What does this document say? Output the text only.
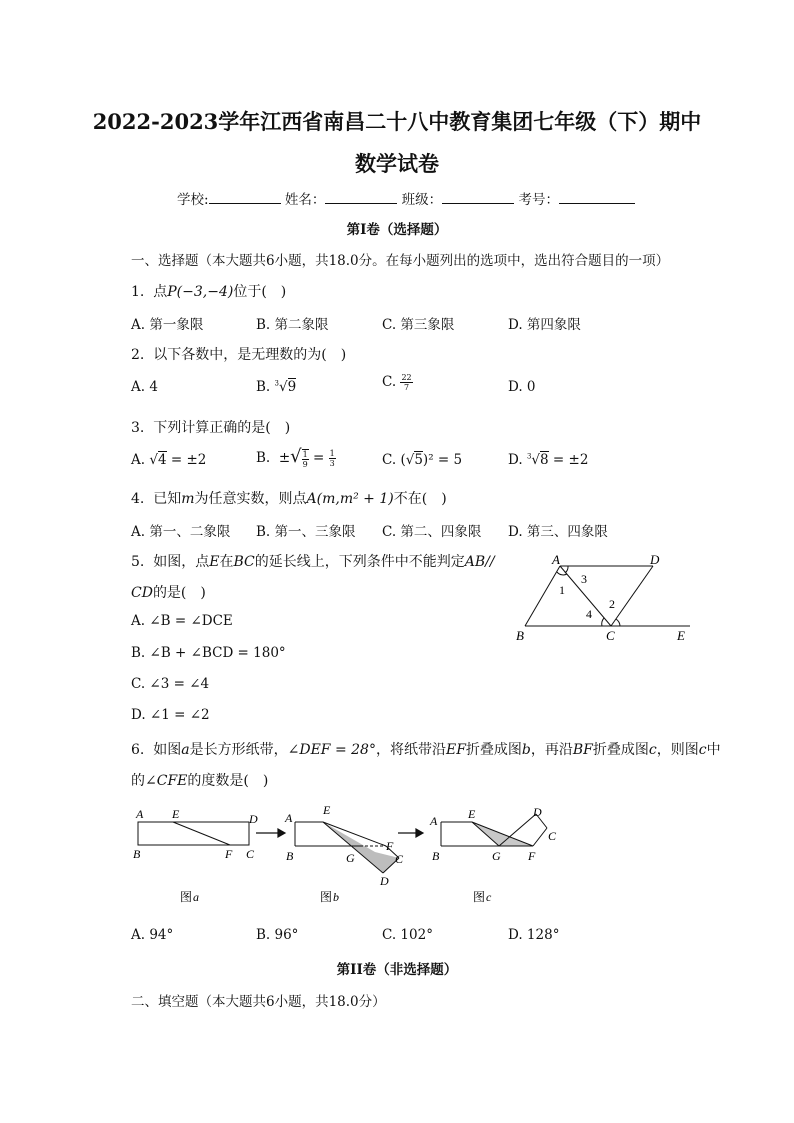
2022-2023学年江西省南昌二十八中教育集团七年级（下）期中
数学试卷
学校:	姓名：	班级：	考号：
第I卷（选择题）
一、选择题（本大题共6小题，共18.0分。在每小题列出的选项中，选出符合题目的一项）
1. 点P(−3,−4)位于(　)
A. 第一象限	B. 第二象限	C. 第三象限	D. 第四象限
2. 以下各数中，是无理数的为(　)
A. 4	B. $^3$√9	C. $\frac{22}{7}$	D. 0
3. 下列计算正确的是(　)
A. √4 = ±2	B. ±√ $\frac{1}{9} = \frac{1}{3}$	C. (√5)² = 5	D. $^3$√8 = ±2
4. 已知m为任意实数，则点A(m,m² + 1)不在(　)
A. 第一、二象限 B. 第一、三象限 C. 第二、四象限 D. 第三、四象限
5. 如图，点E在BC的延长线上，下列条件中不能判定AB//
CD的是(　)
A. ∠B = ∠DCE
B. ∠B + ∠BCD = 180°
C. ∠3 = ∠4
D. ∠1 = ∠2
A	D
B	C	E
1
3
4
2
6. 如图a是长方形纸带，∠DEF = 28°，将纸带沿EF折叠成图b，再沿BF折叠成图c，则图c中
的∠CFE的度数是(　)
A E	D
B	F C
图 a
A
E
F
B	G	C
D
图 b
A	E	D
C
B	G F
图 c
A. 94°	B. 96°	C. 102°	D. 128°
第II卷（非选择题）
二、填空题（本大题共6小题，共18.0分）
